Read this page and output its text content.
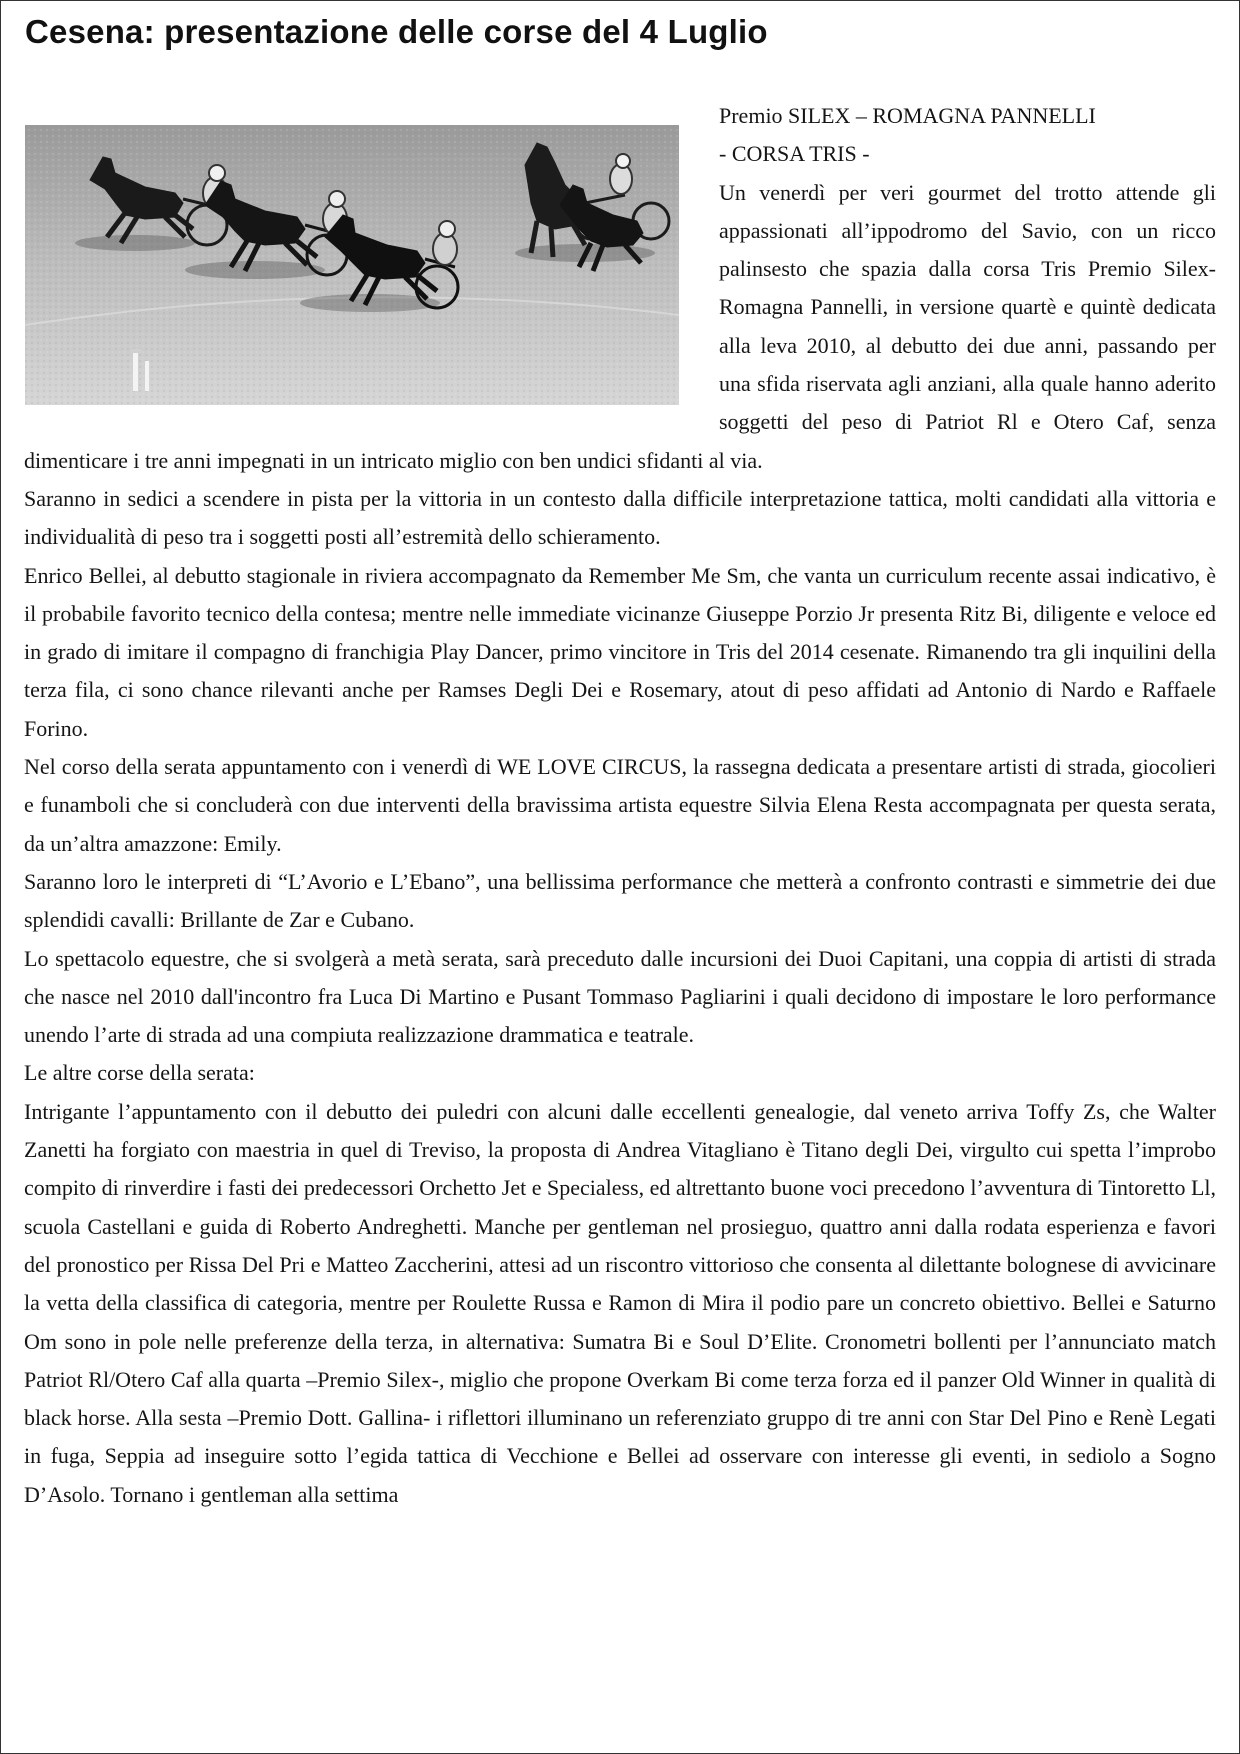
Cesena: presentazione delle corse del 4 Luglio

Premio SILEX – ROMAGNA PANNELLI

- CORSA TRIS -

Un venerdì per veri gourmet del trotto attende gli appassionati all’ippodromo del Savio, con un ricco palinsesto che spazia dalla corsa Tris Premio Silex-Romagna Pannelli, in versione quartè e quintè dedicata alla leva 2010, al debutto dei due anni, passando per una sfida riservata agli anziani, alla quale hanno aderito soggetti del peso di Patriot Rl e Otero Caf, senza dimenticare i tre anni impegnati in un intricato miglio con ben undici sfidanti al via.

Saranno in sedici a scendere in pista per la vittoria in un contesto dalla difficile interpretazione tattica, molti candidati alla vittoria e individualità di peso tra i soggetti posti all’estremità dello schieramento.

Enrico Bellei, al debutto stagionale in riviera accompagnato da Remember Me Sm, che vanta un curriculum recente assai indicativo, è il probabile favorito tecnico della contesa; mentre nelle immediate vicinanze Giuseppe Porzio Jr presenta Ritz Bi, diligente e veloce ed in grado di imitare il compagno di franchigia Play Dancer, primo vincitore in Tris del 2014 cesenate. Rimanendo tra gli inquilini della terza fila, ci sono chance rilevanti anche per Ramses Degli Dei e Rosemary, atout di peso affidati ad Antonio di Nardo e Raffaele Forino.

Nel corso della serata appuntamento con i venerdì di WE LOVE CIRCUS, la rassegna dedicata a presentare artisti di strada, giocolieri e funamboli che si concluderà con due interventi della bravissima artista equestre Silvia Elena Resta accompagnata per questa serata, da un’altra amazzone: Emily.

Saranno loro le interpreti di “L’Avorio e L’Ebano”, una bellissima performance che metterà a confronto contrasti e simmetrie dei due splendidi cavalli: Brillante de Zar e Cubano.

Lo spettacolo equestre, che si svolgerà a metà serata, sarà preceduto dalle incursioni dei Duoi Capitani, una coppia di artisti di strada che nasce nel 2010 dall'incontro fra Luca Di Martino e Pusant Tommaso Pagliarini i quali decidono di impostare le loro performance unendo l’arte di strada ad una compiuta realizzazione drammatica e teatrale.

Le altre corse della serata:

Intrigante l’appuntamento con il debutto dei puledri con alcuni dalle eccellenti genealogie, dal veneto arriva Toffy Zs, che Walter Zanetti ha forgiato con maestria in quel di Treviso, la proposta di Andrea Vitagliano è Titano degli Dei, virgulto cui spetta l’improbo compito di rinverdire i fasti dei predecessori Orchetto Jet e Specialess, ed altrettanto buone voci precedono l’avventura di Tintoretto Ll, scuola Castellani e guida di Roberto Andreghetti. Manche per gentleman nel prosieguo, quattro anni dalla rodata esperienza e favori del pronostico per Rissa Del Pri e Matteo Zaccherini, attesi ad un riscontro vittorioso che consenta al dilettante bolognese di avvicinare la vetta della classifica di categoria, mentre per Roulette Russa e Ramon di Mira il podio pare un concreto obiettivo. Bellei e Saturno Om sono in pole nelle preferenze della terza, in alternativa: Sumatra Bi e Soul D’Elite. Cronometri bollenti per l’annunciato match Patriot Rl/Otero Caf alla quarta –Premio Silex-, miglio che propone Overkam Bi come terza forza ed il panzer Old Winner in qualità di black horse. Alla sesta –Premio Dott. Gallina- i riflettori illuminano un referenziato gruppo di tre anni con Star Del Pino e Renè Legati in fuga, Seppia ad inseguire sotto l’egida tattica di Vecchione e Bellei ad osservare con interesse gli eventi, in sediolo a Sogno D’Asolo. Tornano i gentleman alla settima
